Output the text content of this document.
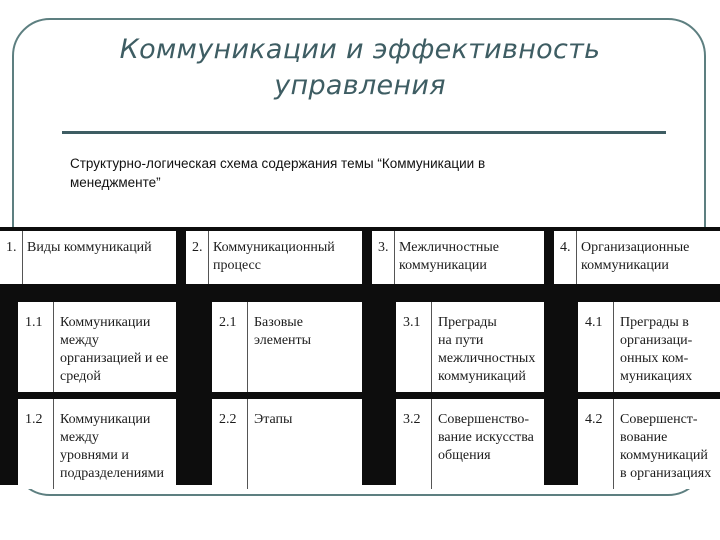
Коммуникации и эффективность
управления
Структурно-логическая схема содержания темы “Коммуникации в
менеджменте”
1. Виды коммуникаций
1.1 Коммуникации
между
организацией и ее
средой
1.2 Коммуникации
между
уровнями и
подразделениями
2. Коммуникационный
процесс
2.1 Базовые
элементы
2.2 Этапы
3. Межличностные
коммуникации
3.1 Преграды
на пути
межличностных
коммуникаций
3.2 Совершенство-
вание искусства
общения
4. Организационные
коммуникации
4.1 Преграды в
организаци-
онных ком-
муникациях
4.2 Совершенст-
вование
коммуникаций
в организациях
